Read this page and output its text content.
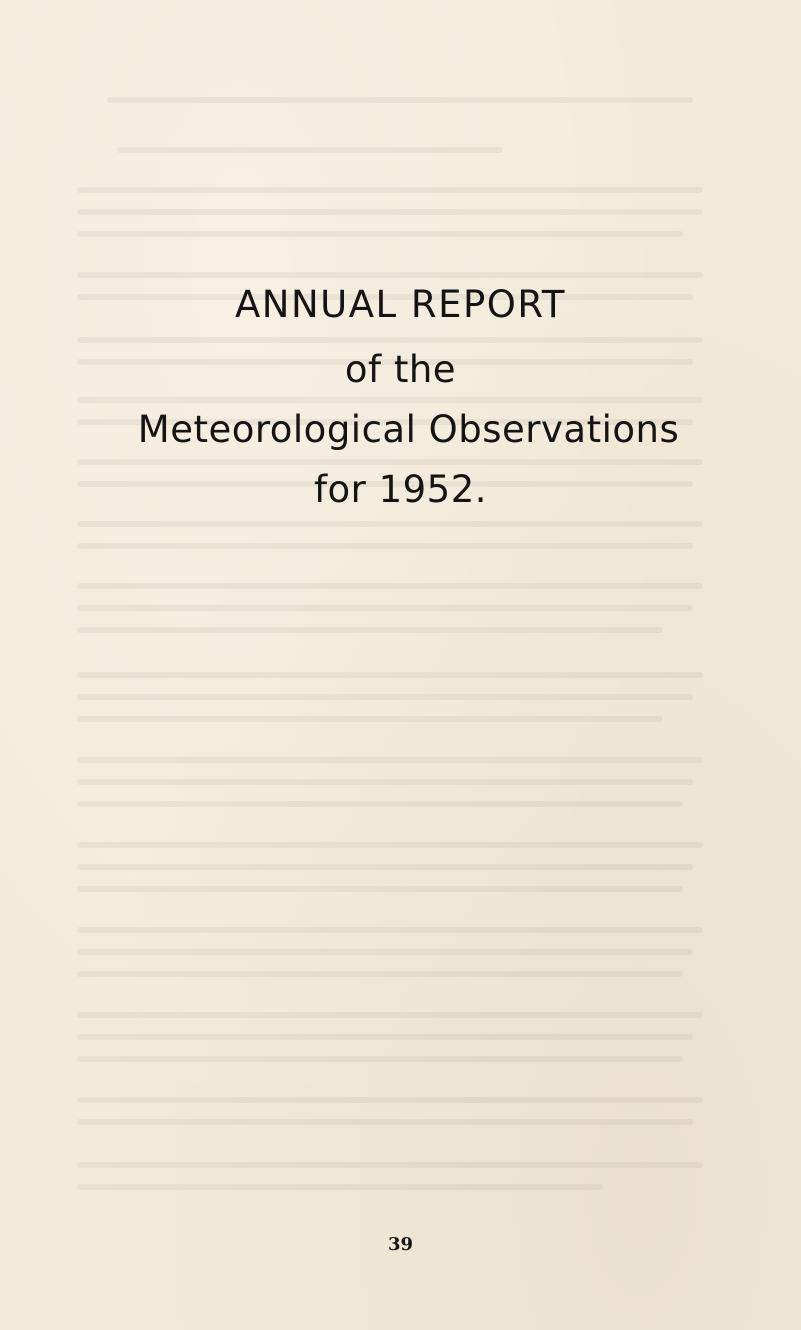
ANNUAL REPORT
of the
Meteorological Observations
for 1952.
39
